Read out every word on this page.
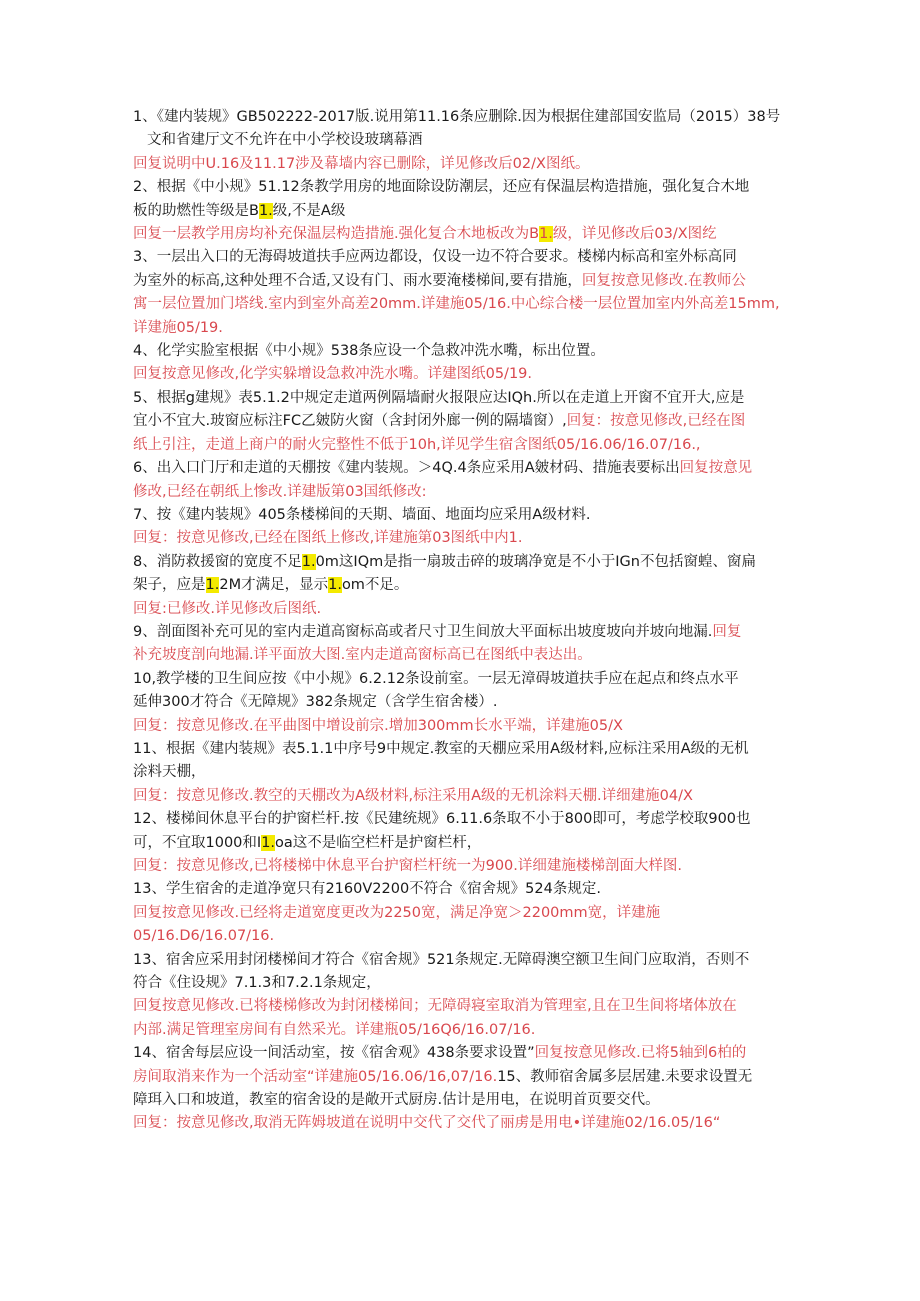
1、《建内装规》GB502222-2017版.说用第11.16条应删除.因为根据住建部国安监局（2015）38号

文和省建厅文不允许在中小学校设玻璃幕酒

回复说明中U.16及11.17涉及幕墙内容已删除，详见修改后02/X图纸。

2、根据《中小规》51.12条教学用房的地面除设防潮层，还应有保温层构造措施，强化复合木地

板的助燃性等级是B1.级,不是A级

回复一层教学用房均补充保温层构造措施.强化复合木地板改为B1.级，详见修改后03/X图纥

3、一层出入口的无海碍坡道扶手应两边都设，仅设一边不符合要求。楼梯内标高和室外标高同

为室外的标高,这种处理不合适,又设有门、雨水要淹楼梯间,要有措施，回复按意见修改.在教师公

寓一层位置加门塔线.室内到室外高差20mm.详建施05/16.中心综合楼一层位置加室内外高差15mm,

详建施05/19.

4、化学实脸室根据《中小规》538条应设一个急救冲洗水嘴，标出位置。

回复按意见修改,化学实躲增设急救冲洗水嘴。详建图纸05/19.

5、根据g建规》表5.1.2中规定走道两例隔墙耐火报限应达IQh.所以在走道上开窗不宜开大,应是

宜小不宜大.玻窗应标注FC乙皴防火窗（含封闭外廊一例的隔墙窗）,回复：按意见修改,已经在图

纸上引注，走道上商户的耐火完整性不低于10h,详见学生宿含图纸05/16.06/16.07/16.,

6、出入口门厅和走道的天棚按《建内装规。＞4Q.4条应采用A皴材码、措施表要标出回复按意见

修改,已经在朝纸上惨改.详建版第03国纸修改:

7、按《建内装规》405条楼梯间的天期、墙面、地面均应采用A级材料.

回复：按意见修改,已经在图纸上修改,详建施第03图纸中内1.

8、消防救援窗的宽度不足1.0m这IQm是指一扇玻击碎的玻璃净宽是不小于IGn不包括窗蝗、窗扁

架子，应是1.2M才满足，显示1.om不足。

回复:已修改.详见修改后图纸.

9、剖面图补充可见的室内走道高窗标高或者尺寸卫生间放大平面标出坡度坡向并坡向地漏.回复

补充坡度剖向地漏.详平面放大图.室内走道高窗标高已在图纸中表达出。

10,教学楼的卫生间应按《中小规》6.2.12条设前室。一层无漳碍坡道扶手应在起点和终点水平

延伸300才符合《无障规》382条规定（含学生宿舍楼）.

回复：按意见修改.在平曲图中增设前宗.增加300mm长水平端，详建施05/X

11、根据《建内装规》表5.1.1中序号9中规定.教室的天棚应采用A级材料,应标注采用A级的无机

涂料天棚，

回复：按意见修改.教空的天棚改为A级材料,标注采用A级的无机涂料天棚.详细建施04/X

12、楼梯间休息平台的护窗栏杆.按《民建统规》6.11.6条取不小于800即可，考虑学校取900也

可，不宜取1000和I1.oa这不是临空栏杆是护窗栏杆，

回复：按意见修改,已将楼梯中休息平台护窗栏杆统一为900.详细建施楼梯剖面大样图.

13、学生宿舍的走道净宽只有2160V2200不符合《宿舍规》524条规定.

回复按意见修改.已经将走道宽度更改为2250宽，满足净宽＞2200mm宽，详建施

05/16.D6/16.07/16.

13、宿舍应采用封闭楼梯间才符合《宿舍规》521条规定.无障碍澳空额卫生间门应取消，否则不

符合《住设规》7.1.3和7.2.1条规定，

回复按意见修改.已将楼梯修改为封闭楼梯间；无障碍寝室取消为管理室,且在卫生间将堵体放在

内部.满足管理室房间有自然采光。详建瓶05/16Q6/16.07/16.

14、宿舍每层应设一间活动室，按《宿舍观》438条要求设置”回复按意见修改.已将5轴到6柏的

房间取消来作为一个活动室“详建施05/16.06/16,07/16.15、教师宿舍属多层居建.未要求设置无

障珥入口和坡道，教室的宿舍设的是敞开式厨房.估计是用电，在说明首页要交代。

回复：按意见修改,取消无阵姆坡道在说明中交代了交代了丽虏是用电•详建施02/16.05/16“
